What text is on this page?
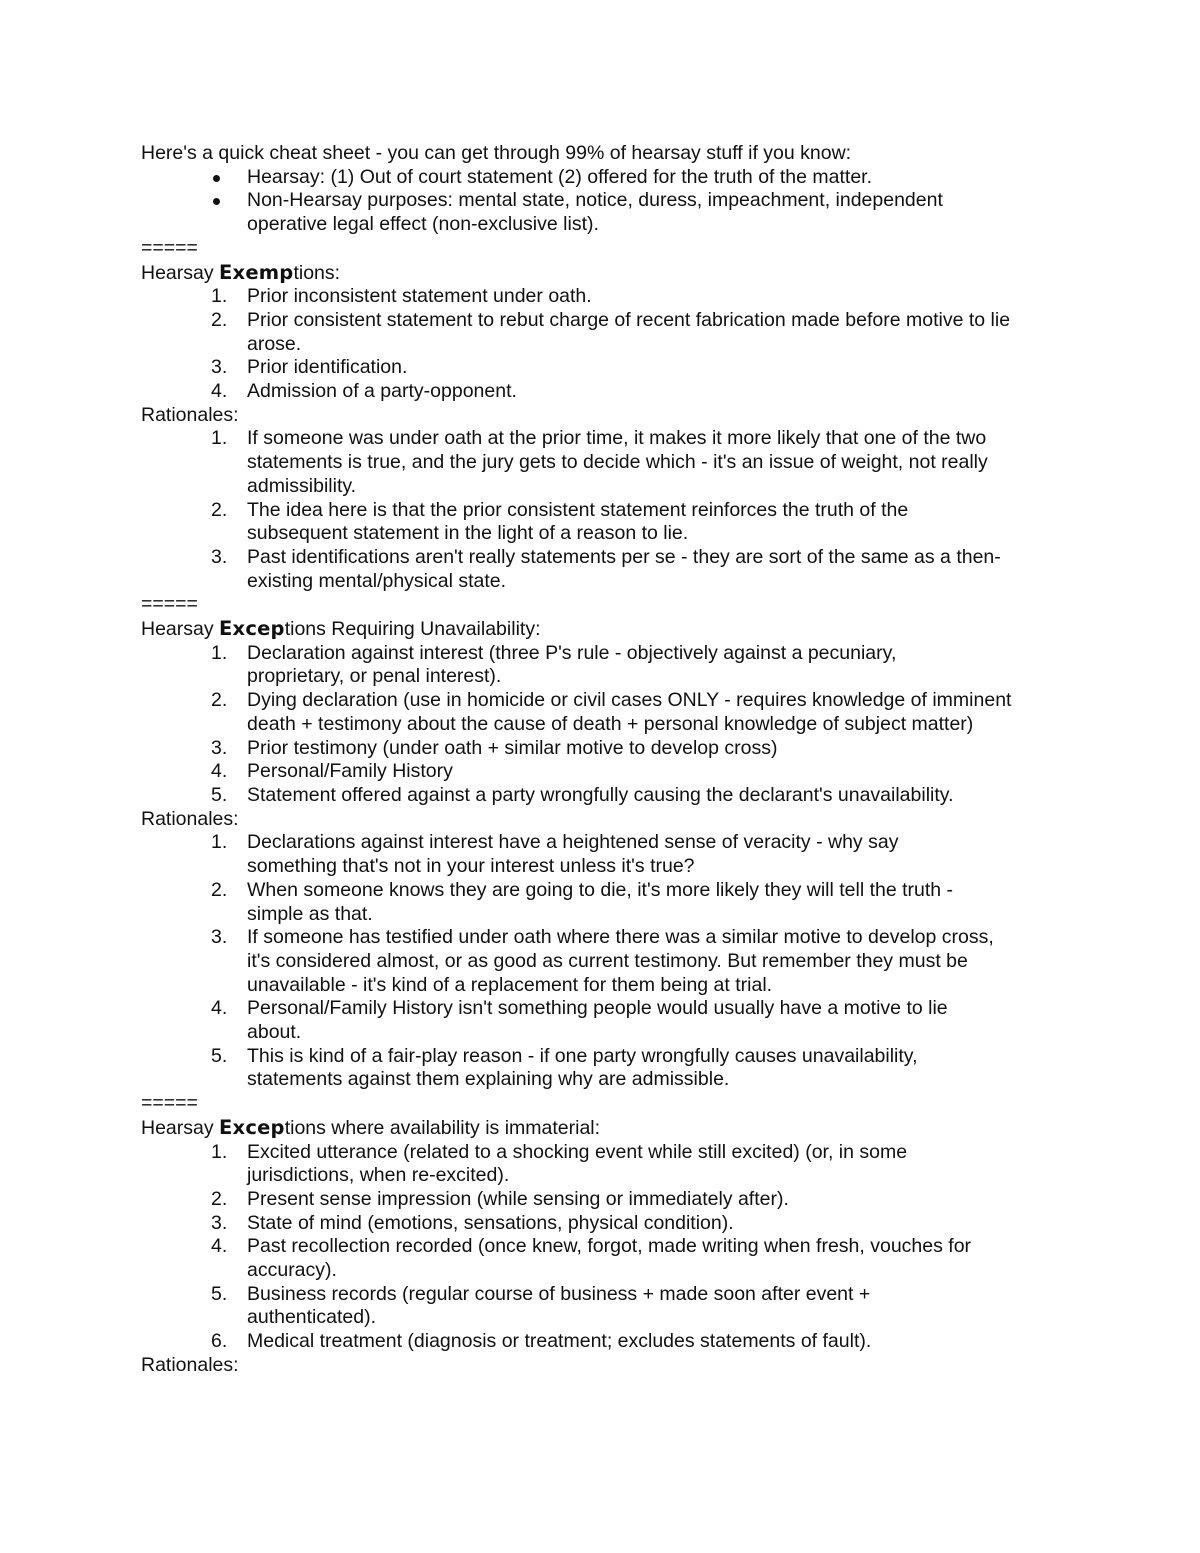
Here's a quick cheat sheet - you can get through 99% of hearsay stuff if you know:

Hearsay: (1) Out of court statement (2) offered for the truth of the matter.
Non-Hearsay purposes: mental state, notice, duress, impeachment, independent operative legal effect (non-exclusive list).

=====

Hearsay Exemptions:

1.	Prior inconsistent statement under oath.
2.	Prior consistent statement to rebut charge of recent fabrication made before motive to lie arose.
3.	Prior identification.
4.	Admission of a party-opponent.

Rationales:

1.	If someone was under oath at the prior time, it makes it more likely that one of the two statements is true, and the jury gets to decide which - it's an issue of weight, not really admissibility.
2.	The idea here is that the prior consistent statement reinforces the truth of the subsequent statement in the light of a reason to lie.
3.	Past identifications aren't really statements per se - they are sort of the same as a then-existing mental/physical state.

=====

Hearsay Exceptions Requiring Unavailability:

1.	Declaration against interest (three P's rule - objectively against a pecuniary, proprietary, or penal interest).
2.	Dying declaration (use in homicide or civil cases ONLY - requires knowledge of imminent death + testimony about the cause of death + personal knowledge of subject matter)
3.	Prior testimony (under oath + similar motive to develop cross)
4.	Personal/Family History
5.	Statement offered against a party wrongfully causing the declarant's unavailability.

Rationales:

1.	Declarations against interest have a heightened sense of veracity - why say something that's not in your interest unless it's true?
2.	When someone knows they are going to die, it's more likely they will tell the truth - simple as that.
3.	If someone has testified under oath where there was a similar motive to develop cross, it's considered almost, or as good as current testimony. But remember they must be unavailable - it's kind of a replacement for them being at trial.
4.	Personal/Family History isn't something people would usually have a motive to lie about.
5.	This is kind of a fair-play reason - if one party wrongfully causes unavailability, statements against them explaining why are admissible.

=====

Hearsay Exceptions where availability is immaterial:

1.	Excited utterance (related to a shocking event while still excited) (or, in some jurisdictions, when re-excited).
2.	Present sense impression (while sensing or immediately after).
3.	State of mind (emotions, sensations, physical condition).
4.	Past recollection recorded (once knew, forgot, made writing when fresh, vouches for accuracy).
5.	Business records (regular course of business + made soon after event + authenticated).
6.	Medical treatment (diagnosis or treatment; excludes statements of fault).

Rationales:
